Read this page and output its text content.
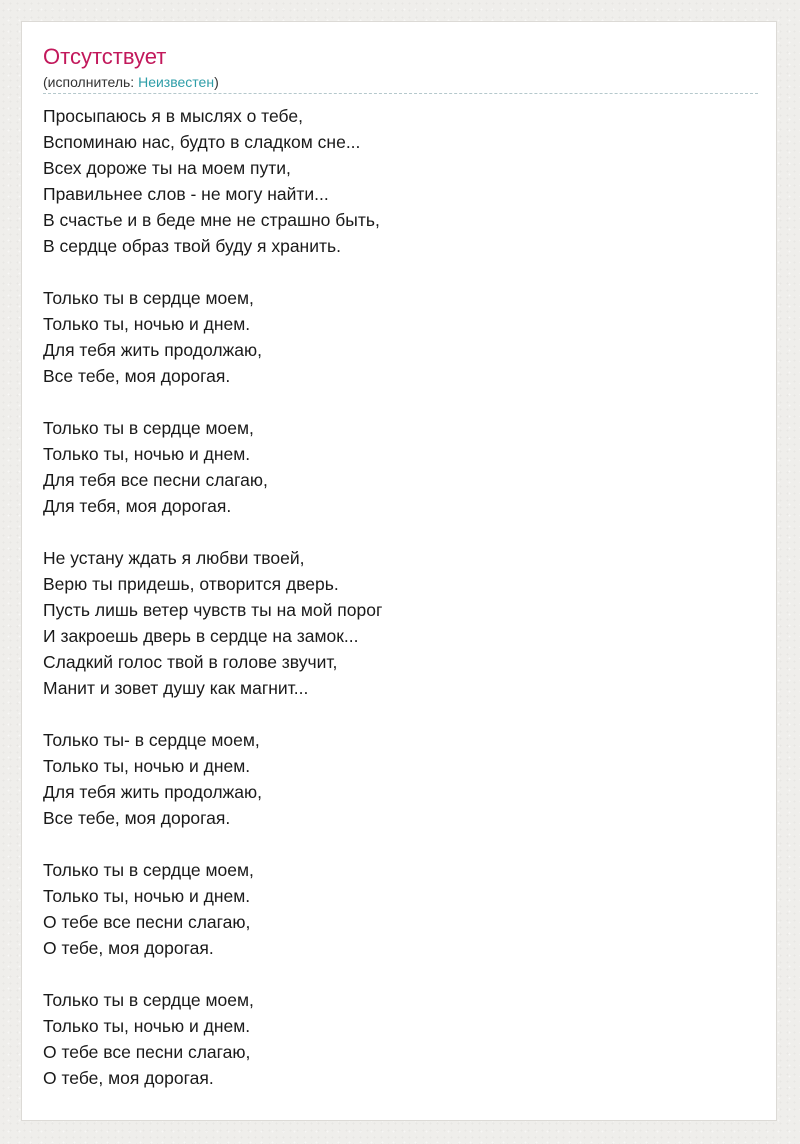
Отсутствует
(исполнитель: Неизвестен)
Просыпаюсь я в мыслях о тебе,
Вспоминаю нас, будто в сладком сне...
Всех дороже ты на моем пути,
Правильнее слов - не могу найти...
В счастье и в беде мне не страшно быть,
В сердце образ твой буду я хранить.
Только ты в сердце моем,
Только ты, ночью и днем.
Для тебя жить продолжаю,
Все тебе, моя дорогая.
Только ты в сердце моем,
Только ты, ночью и днем.
Для тебя все песни слагаю,
Для тебя, моя дорогая.
Не устану ждать я любви твоей,
Верю ты придешь, отворится дверь.
Пусть лишь ветер чувств ты на мой порог
И закроешь дверь в сердце на замок...
Сладкий голос твой в голове звучит,
Манит и зовет душу как магнит...
Только ты- в сердце моем,
Только ты, ночью и днем.
Для тебя жить продолжаю,
Все тебе, моя дорогая.
Только ты в сердце моем,
Только ты, ночью и днем.
О тебе все песни слагаю,
О тебе, моя дорогая.
Только ты в сердце моем,
Только ты, ночью и днем.
О тебе все песни слагаю,
О тебе, моя дорогая.
